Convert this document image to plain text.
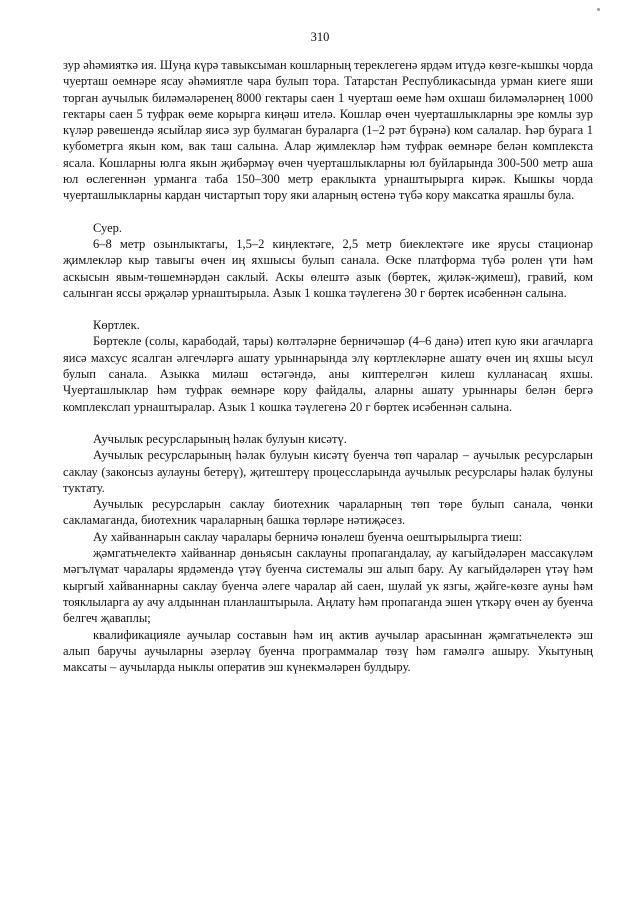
310

зур әһәмияткә ия. Шуңа күрә тавыксыман кошларның тереклегенә ярдәм итүдә көзге-кышкы чорда чуерташ оемнәре ясау әһәмиятле чара булып тора. Татарстан Республикасында урман киеге яши торган аучылык биләмәләренең 8000 гектары саен 1 чуерташ өеме һәм охшаш биләмәләрнең 1000 гектары саен 5 туфрак өеме корырга киңәш ителә. Кошлар өчен чуерташлыкларны эре комлы зур күләр рәвешендә ясыйлар яисә зур булмаган бураларга (1–2 рәт бүрәнә) ком салалар. Һәр бурага 1 кубометрга якын ком, вак таш салына. Алар җимлекләр һәм туфрак өемнәре белән комплекста ясала. Кошларны юлга якын җибәрмәү өчен чуерташлыкларны юл буйларында 300-500 метр аша юл өслегеннән урманга таба 150–300 метр ераклыкта урнаштырырга кирәк. Кышкы чорда чуерташлыкларны кардан чистартып тору яки аларның өстенә түбә кору максатка ярашлы була.

Суер.

6–8 метр озынлыктагы, 1,5–2 киңлектәге, 2,5 метр биеклектәге ике ярусы стационар җимлекләр кыр тавыгы өчен иң яхшысы булып санала. Өске платформа түбә ролен үти һәм аскысын явым-төшемнәрдән саклый. Аскы өлештә азык (бөртек, җиләк-җимеш), гравий, ком салынган яссы әрҗәләр урнаштырыла. Азык 1 кошка тәүлегенә 30 г бөртек исәбеннән салына.

Көртлек.

Бөртекле (солы, карабодай, тары) көлтәләрне берничәшәр (4–6 данә) итеп кую яки агачларга яисә махсус ясалган әлгечләргә ашату урыннарында элү көртлекләрне ашату өчен иң яхшы ысул булып санала. Азыкка миләш өстәгәндә, аны киптерелгән килеш кулланасаң яхшы. Чуерташлыклар һәм туфрак өемнәре кору файдалы, аларны ашату урыннары белән бергә комплекслап урнаштыралар. Азык 1 кошка тәүлегенә 20 г бөртек исәбеннән салына.

Аучылык ресурсларының һәлак булуын кисәтү.

Аучылык ресурсларының һәлак булуын кисәтү буенча төп чаралар – аучылык ресурсларын саклау (законсыз аулауны бетерү), җитештерү процессларында аучылык ресурслары һәлак булуны туктату.

Аучылык ресурсларын саклау биотехник чараларның төп төре булып санала, чөнки сакламаганда, биотехник чараларның башка төрләре нәтиҗәсез.

Ау хайваннарын саклау чаралары берничә юнәлеш буенча оештырылырга тиеш:

җәмгатьчелектә хайваннар дөньясын саклауны пропагандалау, ау кагыйдәләрен массакүләм мәгълүмат чаралары ярдәмендә үтәү буенча системалы эш алып бару. Ау кагыйдәләрен үтәү һәм кыргый хайваннарны саклау буенча әлеге чаралар ай саен, шулай ук язгы, җәйге-көзге ауны һәм тояклыларга ау ачу алдыннан планлаштырыла. Аңлату һәм пропаганда эшен үткәрү өчен ау буенча белгеч җаваплы;

квалификацияле аучылар составын һәм иң актив аучылар арасыннан җәмгатьчелектә эш алып баручы аучыларны әзерләү буенча программалар төзү һәм гамәлгә ашыру. Укытуның максаты – аучыларда ныклы оператив эш күнекмәләрен булдыру.
